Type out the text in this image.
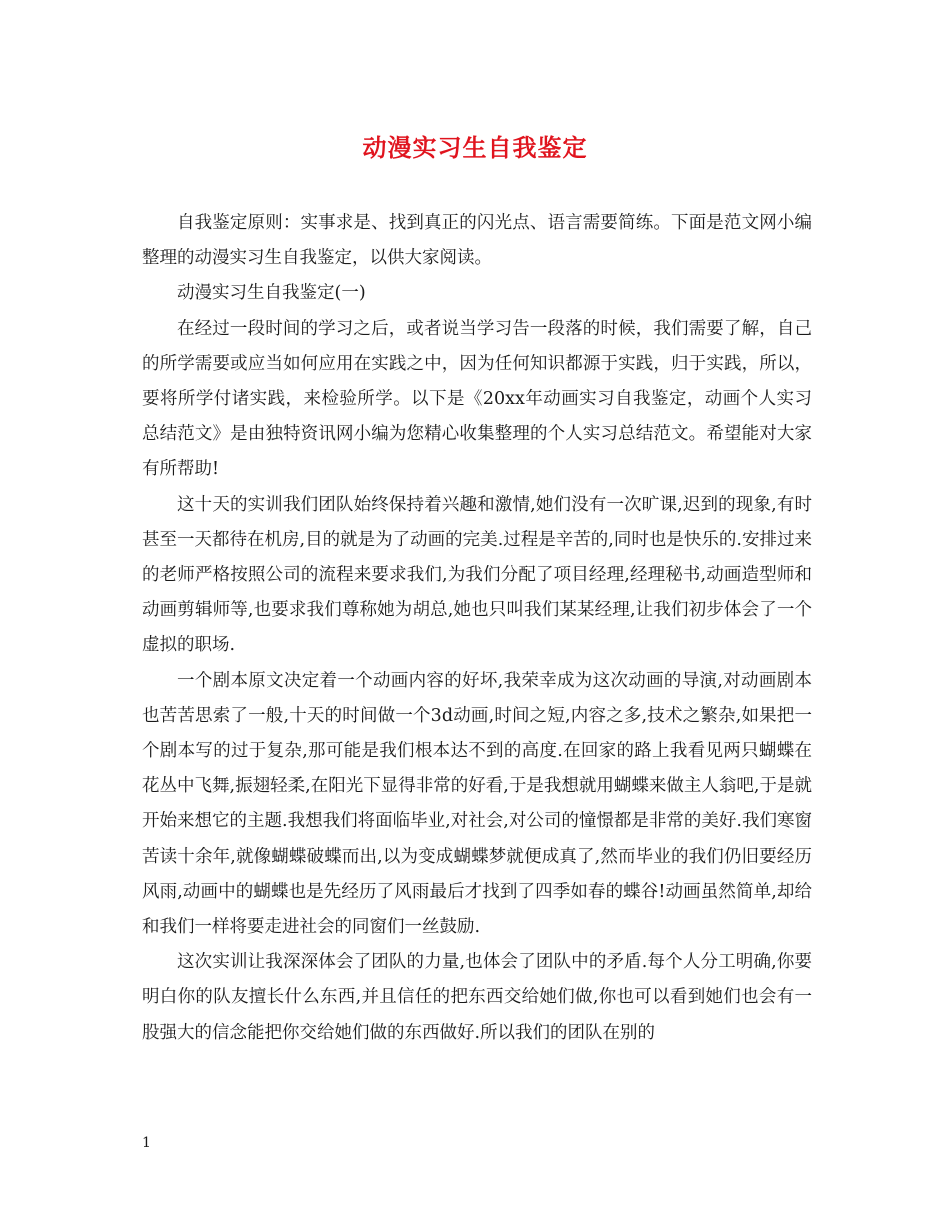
动漫实习生自我鉴定

自我鉴定原则：实事求是、找到真正的闪光点、语言需要简练。下面是范文网小编整理的动漫实习生自我鉴定，以供大家阅读。

动漫实习生自我鉴定(一)

在经过一段时间的学习之后，或者说当学习告一段落的时候，我们需要了解，自己的所学需要或应当如何应用在实践之中，因为任何知识都源于实践，归于实践，所以，要将所学付诸实践，来检验所学。以下是《20xx年动画实习自我鉴定，动画个人实习总结范文》是由独特资讯网小编为您精心收集整理的个人实习总结范文。希望能对大家有所帮助!

这十天的实训我们团队始终保持着兴趣和激情,她们没有一次旷课,迟到的现象,有时甚至一天都待在机房,目的就是为了动画的完美.过程是辛苦的,同时也是快乐的.安排过来的老师严格按照公司的流程来要求我们,为我们分配了项目经理,经理秘书,动画造型师和动画剪辑师等,也要求我们尊称她为胡总,她也只叫我们某某经理,让我们初步体会了一个虚拟的职场.

一个剧本原文决定着一个动画内容的好坏,我荣幸成为这次动画的导演,对动画剧本也苦苦思索了一般,十天的时间做一个3d动画,时间之短,内容之多,技术之繁杂,如果把一个剧本写的过于复杂,那可能是我们根本达不到的高度.在回家的路上我看见两只蝴蝶在花丛中飞舞,振翅轻柔,在阳光下显得非常的好看,于是我想就用蝴蝶来做主人翁吧,于是就开始来想它的主题.我想我们将面临毕业,对社会,对公司的憧憬都是非常的美好.我们寒窗苦读十余年,就像蝴蝶破蝶而出,以为变成蝴蝶梦就便成真了,然而毕业的我们仍旧要经历风雨,动画中的蝴蝶也是先经历了风雨最后才找到了四季如春的蝶谷!动画虽然简单,却给和我们一样将要走进社会的同窗们一丝鼓励.

这次实训让我深深体会了团队的力量,也体会了团队中的矛盾.每个人分工明确,你要明白你的队友擅长什么东西,并且信任的把东西交给她们做,你也可以看到她们也会有一股强大的信念能把你交给她们做的东西做好.所以我们的团队在别的

1
